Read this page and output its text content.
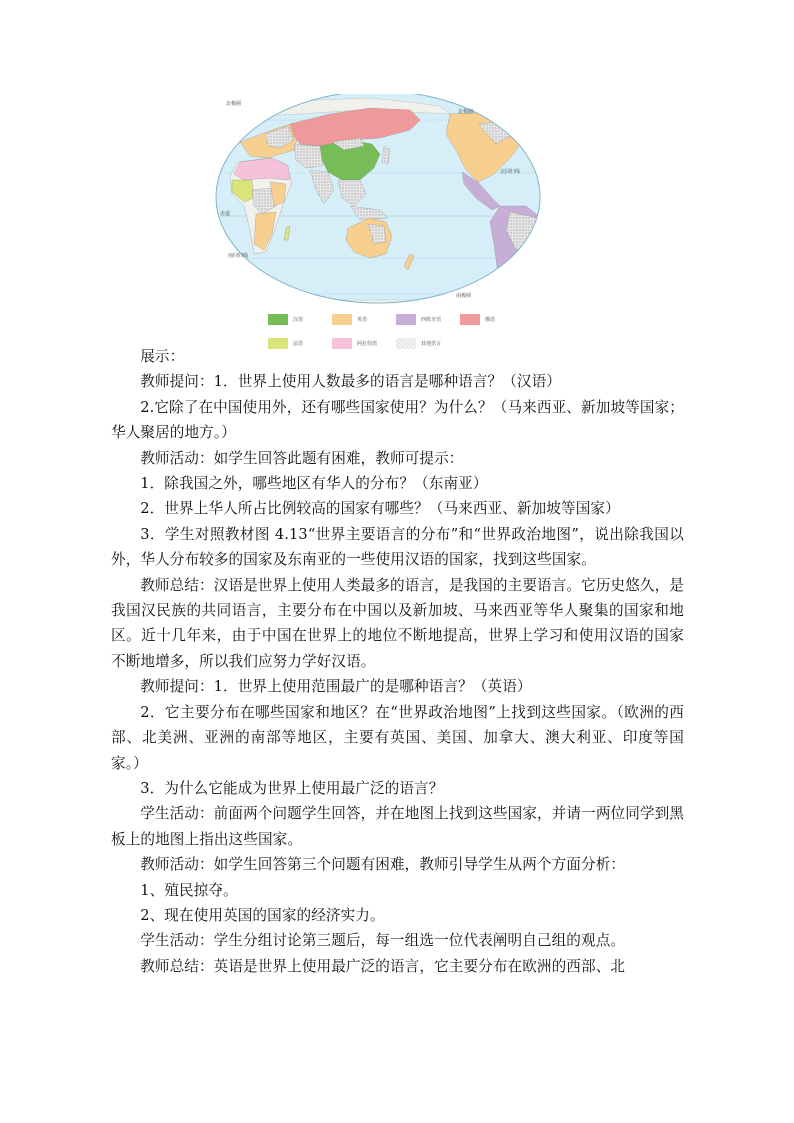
北极圈
北极圈
北回归线
赤道
南回归线
南极圈
汉语	英语	西班牙语	俄语
法语	阿拉伯语	其他语言

展示：

教师提问：1．世界上使用人数最多的语言是哪种语言？（汉语）

2.它除了在中国使用外，还有哪些国家使用？为什么？（马来西亚、新加坡等国家；华人聚居的地方。）

教师活动：如学生回答此题有困难，教师可提示：

1．除我国之外，哪些地区有华人的分布？（东南亚）

2．世界上华人所占比例较高的国家有哪些？（马来西亚、新加坡等国家）

3．学生对照教材图 4.13“世界主要语言的分布”和“世界政治地图”，说出除我国以外，华人分布较多的国家及东南亚的一些使用汉语的国家，找到这些国家。

教师总结：汉语是世界上使用人类最多的语言，是我国的主要语言。它历史悠久，是我国汉民族的共同语言，主要分布在中国以及新加坡、马来西亚等华人聚集的国家和地区。近十几年来，由于中国在世界上的地位不断地提高，世界上学习和使用汉语的国家不断地增多，所以我们应努力学好汉语。

教师提问：1．世界上使用范围最广的是哪种语言？（英语）

2．它主要分布在哪些国家和地区？在“世界政治地图”上找到这些国家。（欧洲的西部、北美洲、亚洲的南部等地区，主要有英国、美国、加拿大、澳大利亚、印度等国家。）

3．为什么它能成为世界上使用最广泛的语言？

学生活动：前面两个问题学生回答，并在地图上找到这些国家，并请一两位同学到黑板上的地图上指出这些国家。

教师活动：如学生回答第三个问题有困难，教师引导学生从两个方面分析：

1、殖民掠夺。

2、现在使用英国的国家的经济实力。

学生活动：学生分组讨论第三题后，每一组选一位代表阐明自己组的观点。

教师总结：英语是世界上使用最广泛的语言，它主要分布在欧洲的西部、北
